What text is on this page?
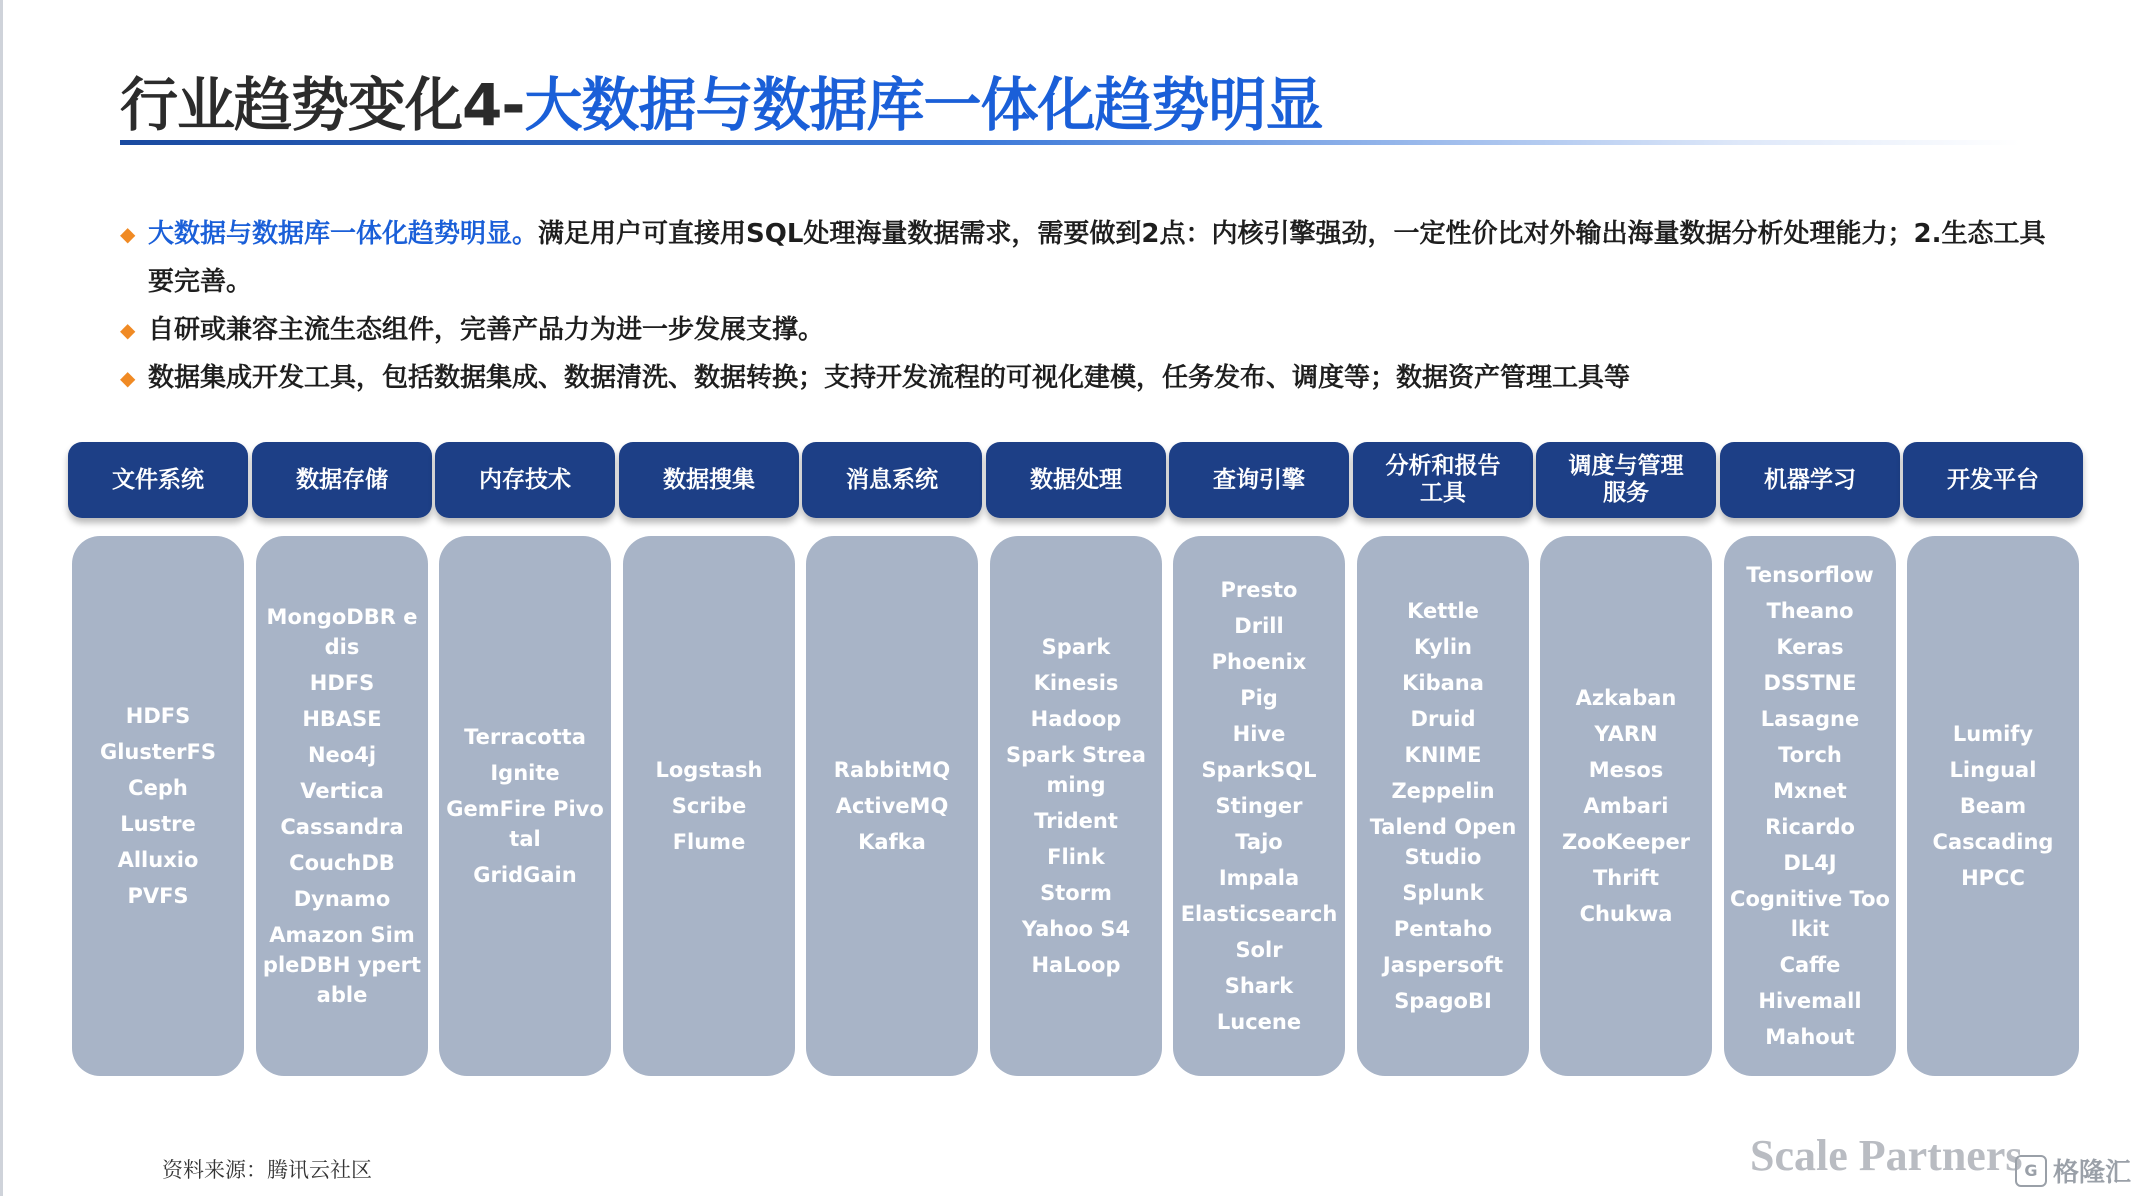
行业趋势变化4-大数据与数据库一体化趋势明显
◆ 大数据与数据库一体化趋势明显。满足用户可直接用SQL处理海量数据需求，需要做到2点：内核引擎强劲，一定性价比对外输出海量数据分析处理能力；2.生态工具要完善。
◆ 自研或兼容主流生态组件，完善产品力为进一步发展支撑。
◆ 数据集成开发工具，包括数据集成、数据清洗、数据转换；支持开发流程的可视化建模，任务发布、调度等；数据资产管理工具等
文件系统
HDFS
GlusterFS
Ceph
Lustre
Alluxio
PVFS
数据存储
MongoDBR edis
HDFS
HBASE
Neo4j
Vertica
Cassandra
CouchDB
Dynamo
Amazon SimpleDBH ypertable
内存技术
Terracotta
Ignite
GemFire Pivotal
GridGain
数据搜集
Logstash
Scribe
Flume
消息系统
RabbitMQ
ActiveMQ
Kafka
数据处理
Spark
Kinesis
Hadoop
Spark Streaming
Trident
Flink
Storm
Yahoo S4
HaLoop
查询引擎
Presto
Drill
Phoenix
Pig
Hive
SparkSQL
Stinger
Tajo
Impala
Elasticsearch
Solr
Shark
Lucene
分析和报告
工具
Kettle
Kylin
Kibana
Druid
KNIME
Zeppelin
Talend Open Studio
Splunk
Pentaho
Jaspersoft
SpagoBI
调度与管理
服务
Azkaban
YARN
Mesos
Ambari
ZooKeeper
Thrift
Chukwa
机器学习
Tensorflow
Theano
Keras
DSSTNE
Lasagne
Torch
Mxnet
Ricardo
DL4J
Cognitive Toolkit
Caffe
Hivemall
Mahout
开发平台
Lumify
Lingual
Beam
Cascading
HPCC
资料来源：腾讯云社区	Scale Partners G 格隆汇
